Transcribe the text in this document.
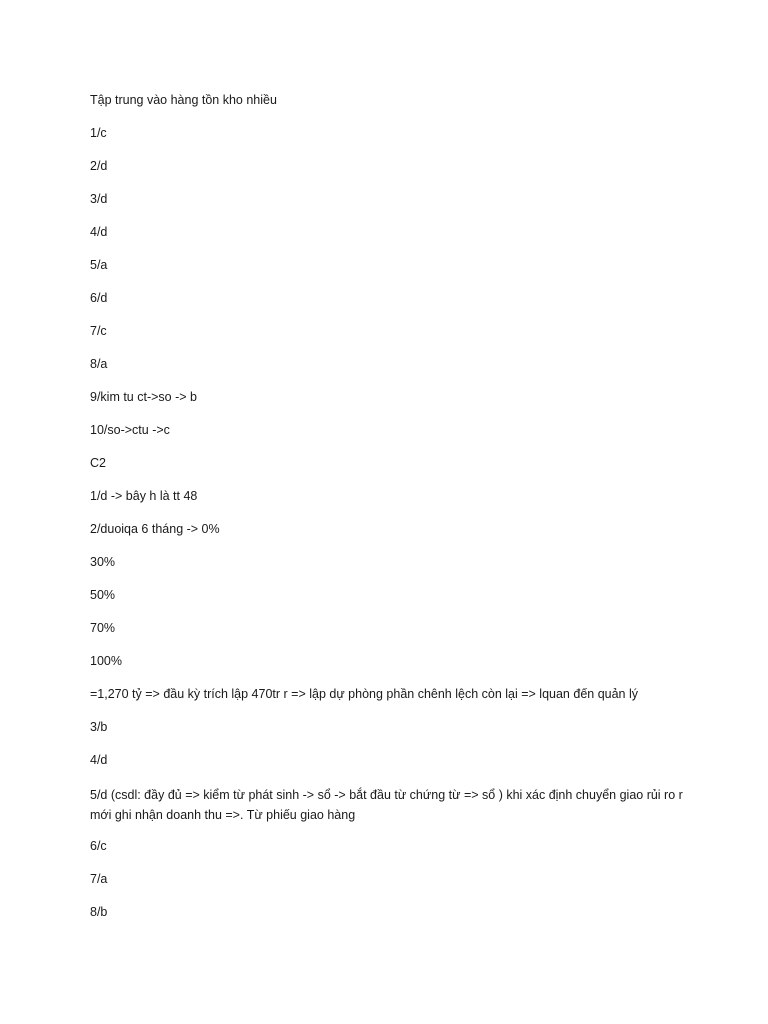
Tập trung vào hàng tồn kho nhiều

1/c

2/d

3/d

4/d

5/a

6/d

7/c

8/a

9/kim tu ct->so -> b

10/so->ctu ->c

C2

1/d -> bây h là tt 48

2/duoiqa 6 tháng -> 0%

30%

50%

70%

100%

=1,270 tỷ => đầu kỳ trích lập 470tr r => lập dự phòng phần chênh lệch còn lại => lquan đến quản lý

3/b

4/d

5/d (csdl: đầy đủ => kiểm từ phát sinh -> sổ -> bắt đầu từ chứng từ => sổ ) khi xác định chuyển giao rủi ro r mới ghi nhận doanh thu =>. Từ phiếu giao hàng

6/c

7/a

8/b
